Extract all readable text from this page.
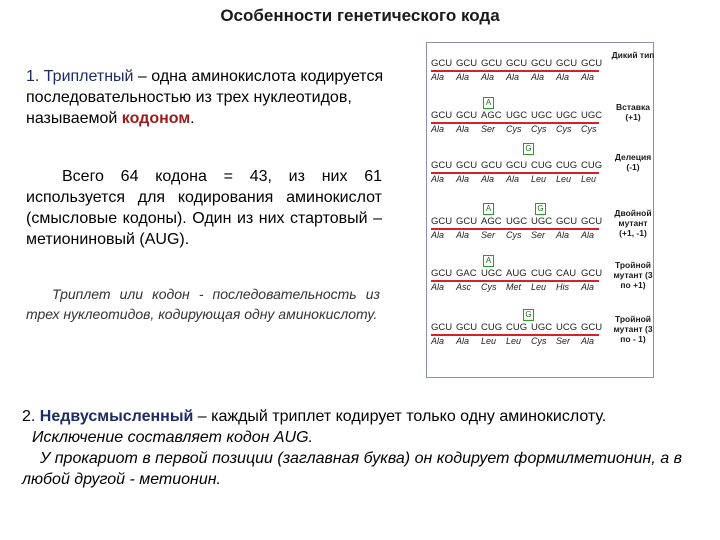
Особенности генетического кода
1. Триплетный – одна аминокислота кодируется последовательностью из трех нуклеотидов, называемой кодоном.
Всего 64 кодона = 43, из них 61 используется для кодирования аминокислот (смысловые кодоны). Один из них стартовый – метиониновый (AUG).
Триплет или кодон - последовательность из трех нуклеотидов, кодирующая одну аминокислоту.
2. Недвусмысленный – каждый триплет кодирует только одну аминокислоту.
Исключение составляет кодон AUG.
У прокариот в первой позиции (заглавная буква) он кодирует формилметионин, а в любой другой - метионин.
GCU GCU GCU GCU GCU GCU GCU
Ala Ala Ala Ala Ala Ala Ala
Дикий тип
GCU GCU AGC UGC UGC UGC UGC
Ala Ala Ser Cys Cys Cys Cys
A	Вставка (+1)
GCU GCU GCU GCU CUG CUG CUG
Ala Ala Ala Ala Leu Leu Leu
G
Делеция (-1)
GCU GCU AGC UGC UGC GCU GCU
Ala Ala Ser Cys Ser Ala Ala
A	G	Двойной мутант (+1, -1)
GCU GAC UGC AUG CUG CAU GCU
Ala Asc Cys Met Leu His Ala
A	Тройной мутант (3 по +1)
GCU GCU CUG CUG UGC UCG GCU
Ala Ala Leu Leu Cys Ser Ala
G	Тройной мутант (3 по - 1)
